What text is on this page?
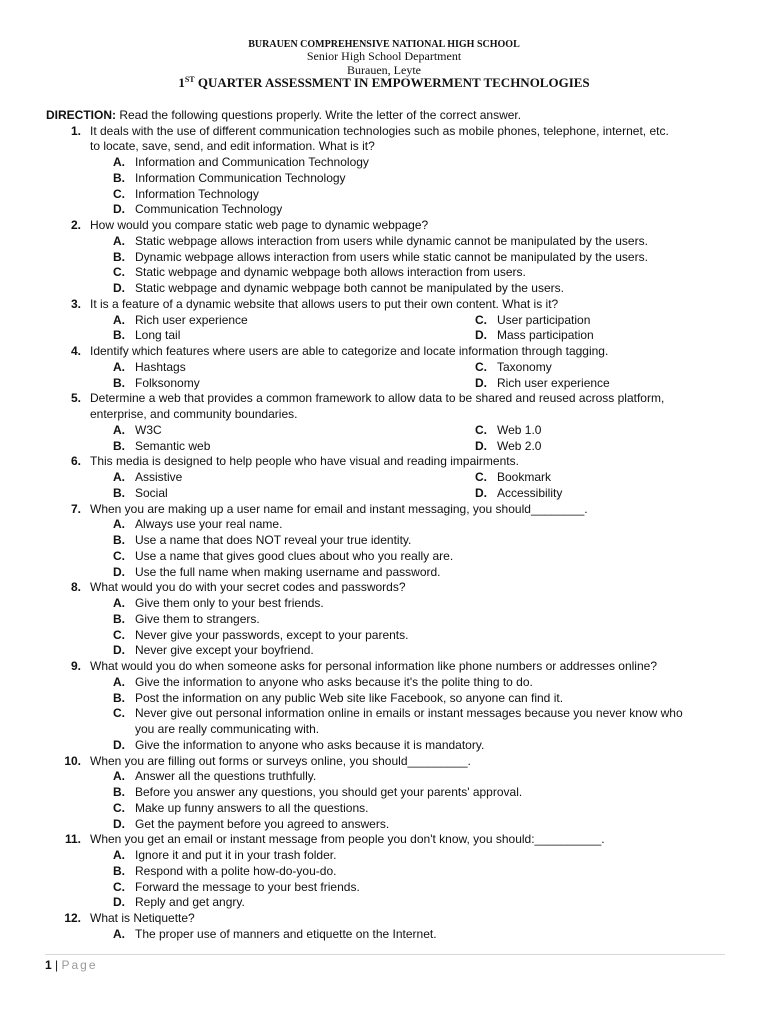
BURAUEN COMPREHENSIVE NATIONAL HIGH SCHOOL
Senior High School Department
Burauen, Leyte
1ST QUARTER ASSESSMENT IN EMPOWERMENT TECHNOLOGIES
DIRECTION: Read the following questions properly. Write the letter of the correct answer.
1. It deals with the use of different communication technologies such as mobile phones, telephone, internet, etc.
to locate, save, send, and edit information. What is it?
A. Information and Communication Technology
B. Information Communication Technology
C. Information Technology
D. Communication Technology
2. How would you compare static web page to dynamic webpage?
A. Static webpage allows interaction from users while dynamic cannot be manipulated by the users.
B. Dynamic webpage allows interaction from users while static cannot be manipulated by the users.
C. Static webpage and dynamic webpage both allows interaction from users.
D. Static webpage and dynamic webpage both cannot be manipulated by the users.
3. It is a feature of a dynamic website that allows users to put their own content. What is it?
A. Rich user experience	C. User participation
B. Long tail	D. Mass participation
4. Identify which features where users are able to categorize and locate information through tagging.
A. Hashtags	C. Taxonomy
B. Folksonomy	D. Rich user experience
5. Determine a web that provides a common framework to allow data to be shared and reused across platform,
enterprise, and community boundaries.
A. W3C	C. Web 1.0
B. Semantic web	D. Web 2.0
6. This media is designed to help people who have visual and reading impairments.
A. Assistive	C. Bookmark
B. Social	D. Accessibility
7. When you are making up a user name for email and instant messaging, you should________.
A. Always use your real name.
B. Use a name that does NOT reveal your true identity.
C. Use a name that gives good clues about who you really are.
D. Use the full name when making username and password.
8. What would you do with your secret codes and passwords?
A. Give them only to your best friends.
B. Give them to strangers.
C. Never give your passwords, except to your parents.
D. Never give except your boyfriend.
9. What would you do when someone asks for personal information like phone numbers or addresses online?
A. Give the information to anyone who asks because it's the polite thing to do.
B. Post the information on any public Web site like Facebook, so anyone can find it.
C. Never give out personal information online in emails or instant messages because you never know who
you are really communicating with.
D. Give the information to anyone who asks because it is mandatory.
10. When you are filling out forms or surveys online, you should_________.
A. Answer all the questions truthfully.
B. Before you answer any questions, you should get your parents' approval.
C. Make up funny answers to all the questions.
D. Get the payment before you agreed to answers.
11. When you get an email or instant message from people you don't know, you should:__________.
A. Ignore it and put it in your trash folder.
B. Respond with a polite how-do-you-do.
C. Forward the message to your best friends.
D. Reply and get angry.
12. What is Netiquette?
A. The proper use of manners and etiquette on the Internet.
1 | Page
